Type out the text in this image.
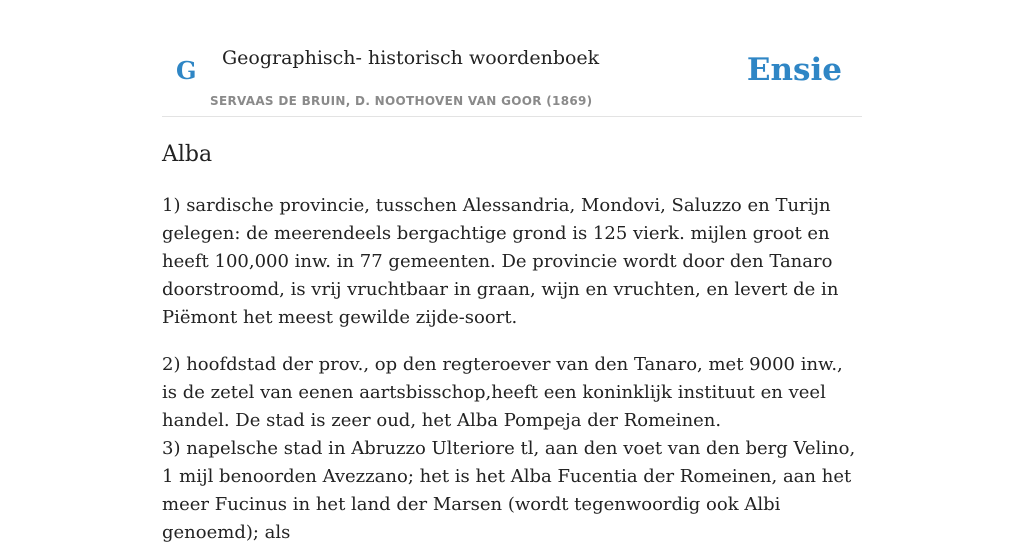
G Geographisch- historisch woordenboek
SERVAAS DE BRUIN, D. NOOTHOVEN VAN GOOR (1869)
Ensie
Alba

1) sardische provincie, tusschen Alessandria, Mondovi, Saluzzo en Turijn gelegen: de meerendeels bergachtige grond is 125 vierk. mijlen groot en heeft 100,000 inw. in 77 gemeenten. De provincie wordt door den Tanaro doorstroomd, is vrij vruchtbaar in graan, wijn en vruchten, en levert de in Piëmont het meest gewilde zijde-soort.

2) hoofdstad der prov., op den regteroever van den Tanaro, met 9000 inw., is de zetel van eenen aartsbisschop,heeft een koninklijk instituut en veel handel. De stad is zeer oud, het Alba Pompeja der Romeinen.

3) napelsche stad in Abruzzo Ulteriore tl, aan den voet van den berg Velino, 1 mijl benoorden Avezzano; het is het Alba Fucentia der Romeinen, aan het meer Fucinus in het land der Marsen (wordt tegenwoordig ook Albi genoemd); als
